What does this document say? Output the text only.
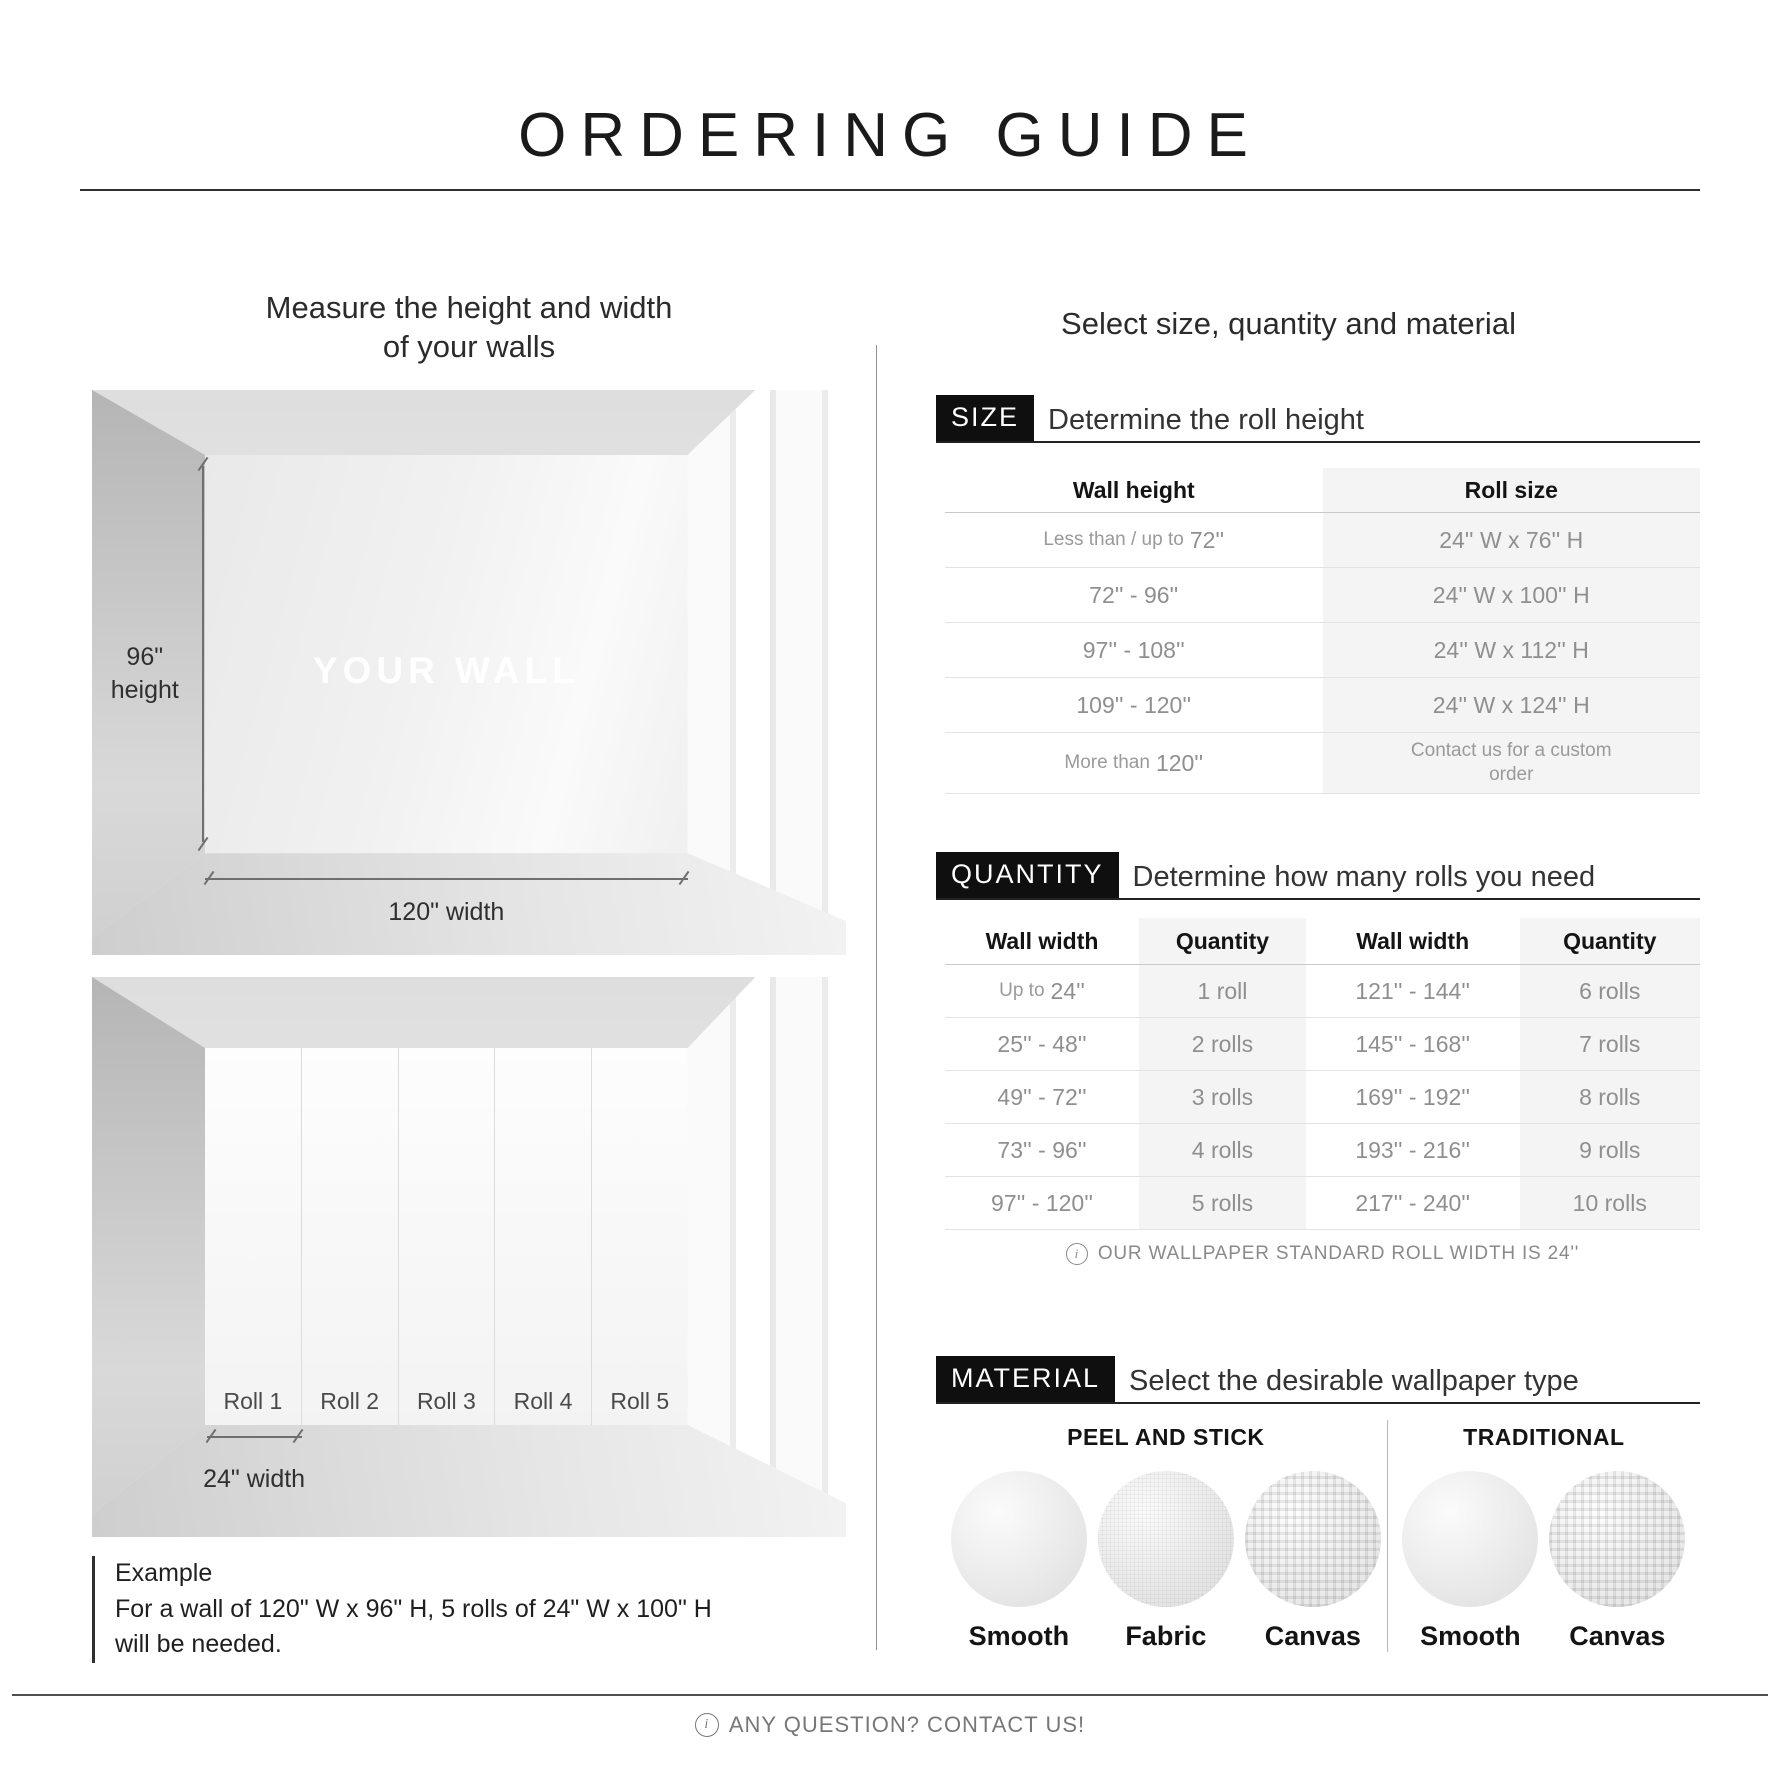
ORDERING GUIDE
Measure the height and width
of your walls
YOUR WALL
96"
height
120" width
Roll 1	Roll 2	Roll 3	Roll 4	Roll 5
24" width
Example
For a wall of 120" W x 96" H, 5 rolls of 24" W x 100" H
will be needed.
Select size, quantity and material
SIZE	Determine the roll height
Wall height	Roll size
Less than / up to 72''	24'' W x 76'' H
72'' - 96''	24'' W x 100'' H
97'' - 108''	24'' W x 112'' H
109'' - 120''	24'' W x 124'' H
More than 120''	Contact us for a custom order
QUANTITY	Determine how many rolls you need
Wall width	Quantity	Wall width	Quantity
Up to 24''	1 roll	121'' - 144''	6 rolls
25'' - 48''	2 rolls	145'' - 168''	7 rolls
49'' - 72''	3 rolls	169'' - 192''	8 rolls
73'' - 96''	4 rolls	193'' - 216''	9 rolls
97'' - 120''	5 rolls	217'' - 240''	10 rolls
i
OUR WALLPAPER STANDARD ROLL WIDTH IS 24''
MATERIAL	Select the desirable wallpaper type
PEEL AND STICK
Smooth Fabric Canvas
TRADITIONAL
Smooth Canvas
i
ANY QUESTION? CONTACT US!
